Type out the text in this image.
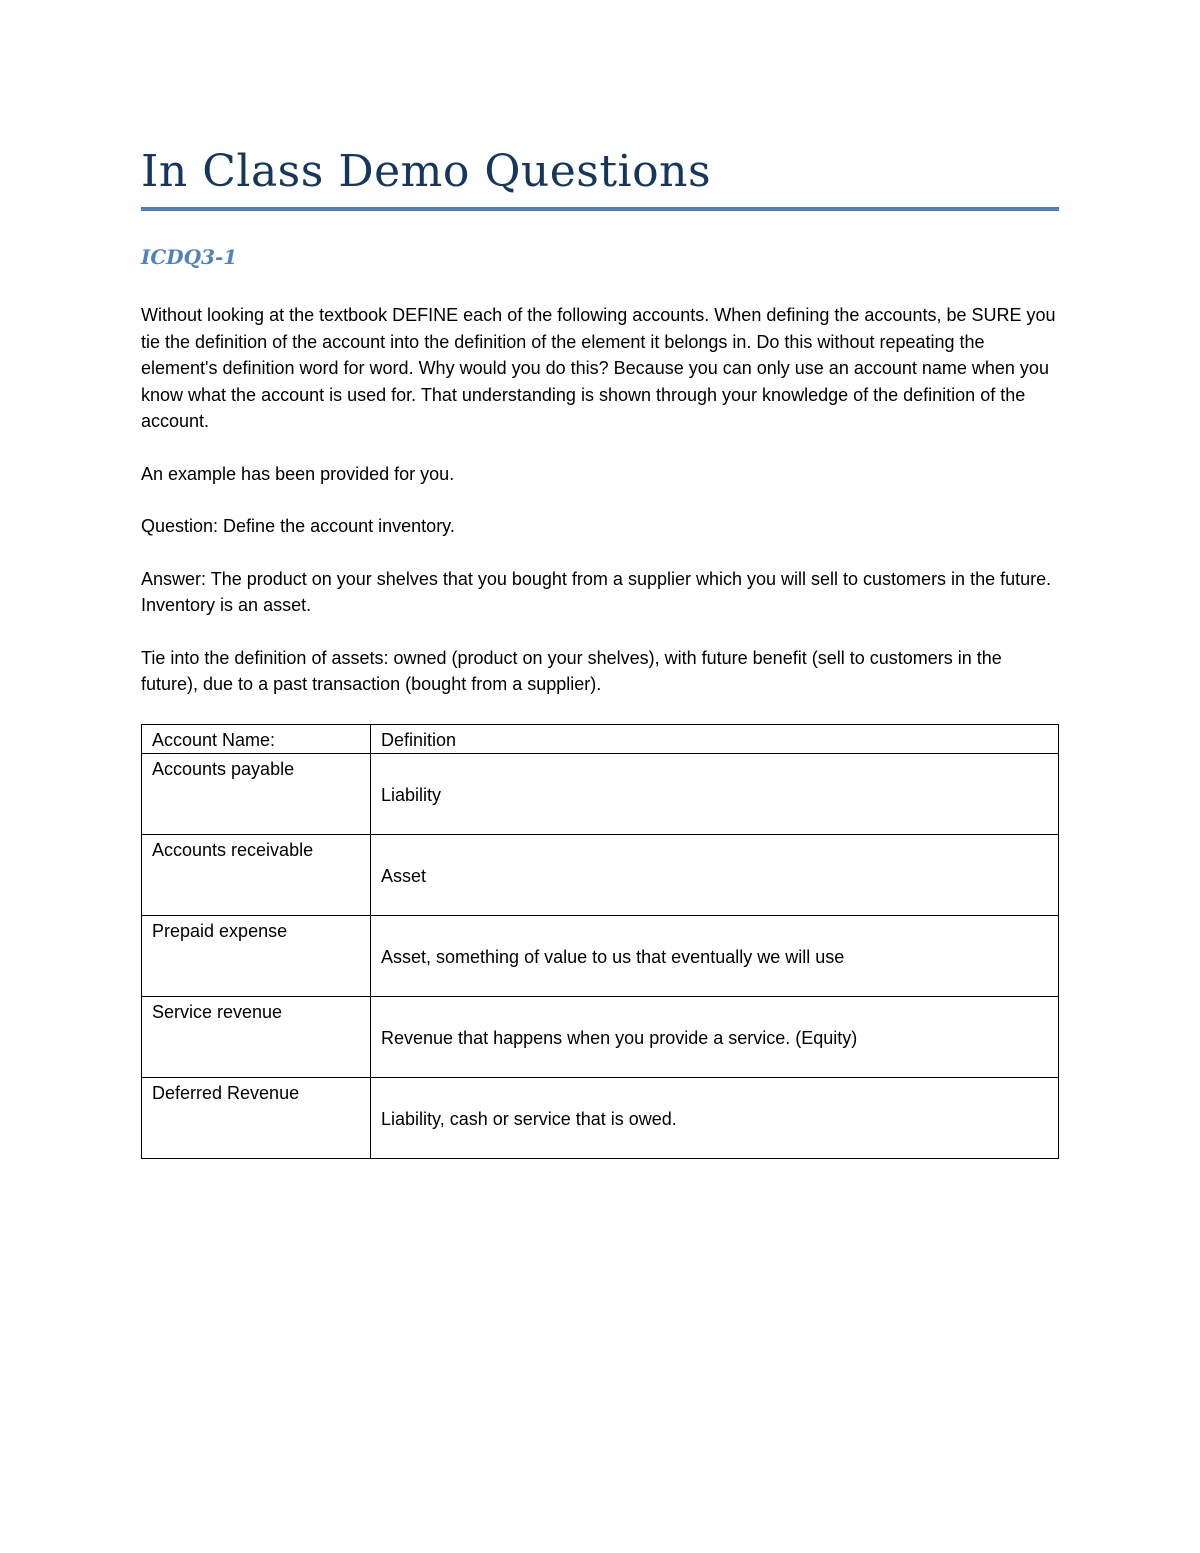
In Class Demo Questions
ICDQ3-1

Without looking at the textbook DEFINE each of the following accounts. When defining the accounts, be SURE you tie the definition of the account into the definition of the element it belongs in. Do this without repeating the element's definition word for word. Why would you do this? Because you can only use an account name when you know what the account is used for. That understanding is shown through your knowledge of the definition of the account.

An example has been provided for you.

Question: Define the account inventory.

Answer: The product on your shelves that you bought from a supplier which you will sell to customers in the future. Inventory is an asset.

Tie into the definition of assets: owned (product on your shelves), with future benefit (sell to customers in the future), due to a past transaction (bought from a supplier).

Account Name:	Definition
Accounts payable	Liability

Accounts receivable	Asset

Prepaid expense	Asset, something of value to us that eventually we will use

Service revenue	Revenue that happens when you provide a service. (Equity)

Deferred Revenue	Liability, cash or service that is owed.
